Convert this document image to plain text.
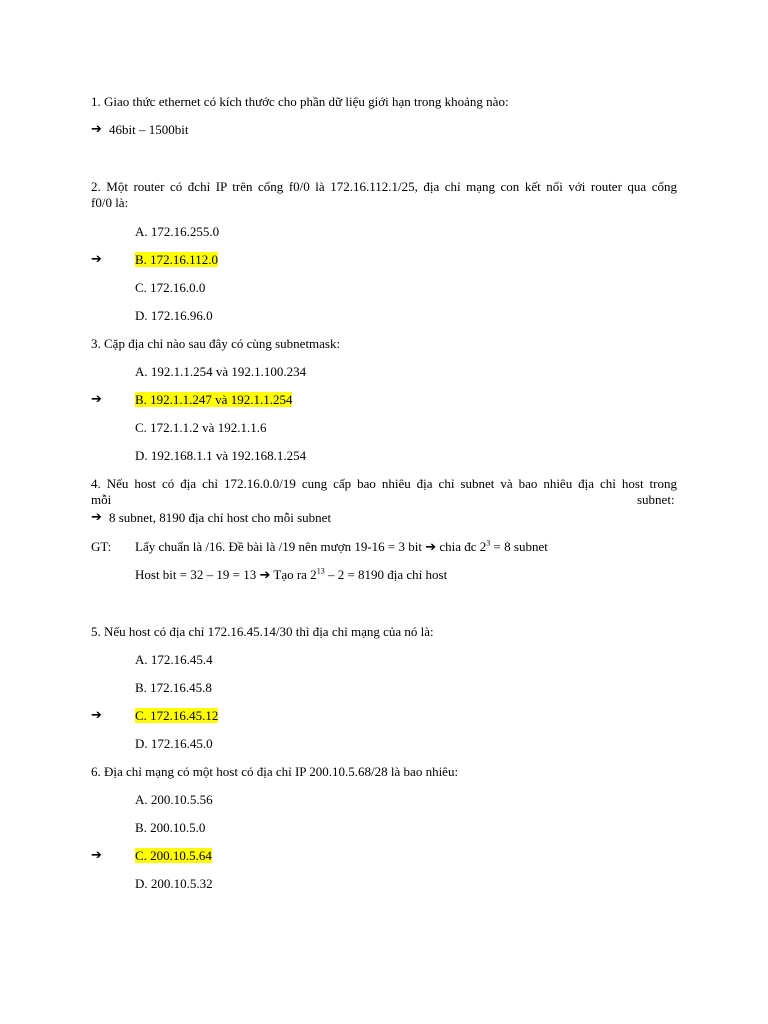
1. Giao thức ethernet có kích thước cho phần dữ liệu giới hạn trong khoảng nào:
➔ 46bit – 1500bit
2. Một router có đchỉ IP trên cổng f0/0 là 172.16.112.1/25, địa chỉ mạng con kết nối với router qua cổng
f0/0 là:
A. 172.16.255.0
➔	B. 172.16.112.0
C. 172.16.0.0
D. 172.16.96.0
3. Cặp địa chỉ nào sau đây có cùng subnetmask:
A. 192.1.1.254 và 192.1.100.234
➔	B. 192.1.1.247 và 192.1.1.254
C. 172.1.1.2 và 192.1.1.6
D. 192.168.1.1 và 192.168.1.254
4. Nếu host có địa chỉ 172.16.0.0/19 cung cấp bao nhiêu địa chỉ subnet và bao nhiêu địa chỉ host trong
mỗi	subnet:
➔ 8 subnet, 8190 địa chỉ host cho mỗi subnet
GT: Lấy chuẩn là /16. Đề bài là /19 nên mượn 19-16 = 3 bit ➔ chia đc $2^3 = 8$ subnet
Host bit = 32 – 19 = 13 ➔ Tạo ra $2^{13} - 2 = 8190$ địa chỉ host
5. Nếu host có địa chỉ 172.16.45.14/30 thì địa chỉ mạng của nó là:
A. 172.16.45.4
B. 172.16.45.8
➔	C. 172.16.45.12
D. 172.16.45.0
6. Địa chỉ mạng có một host có địa chỉ IP 200.10.5.68/28 là bao nhiêu:
A. 200.10.5.56
B. 200.10.5.0
➔	C. 200.10.5.64
D. 200.10.5.32
